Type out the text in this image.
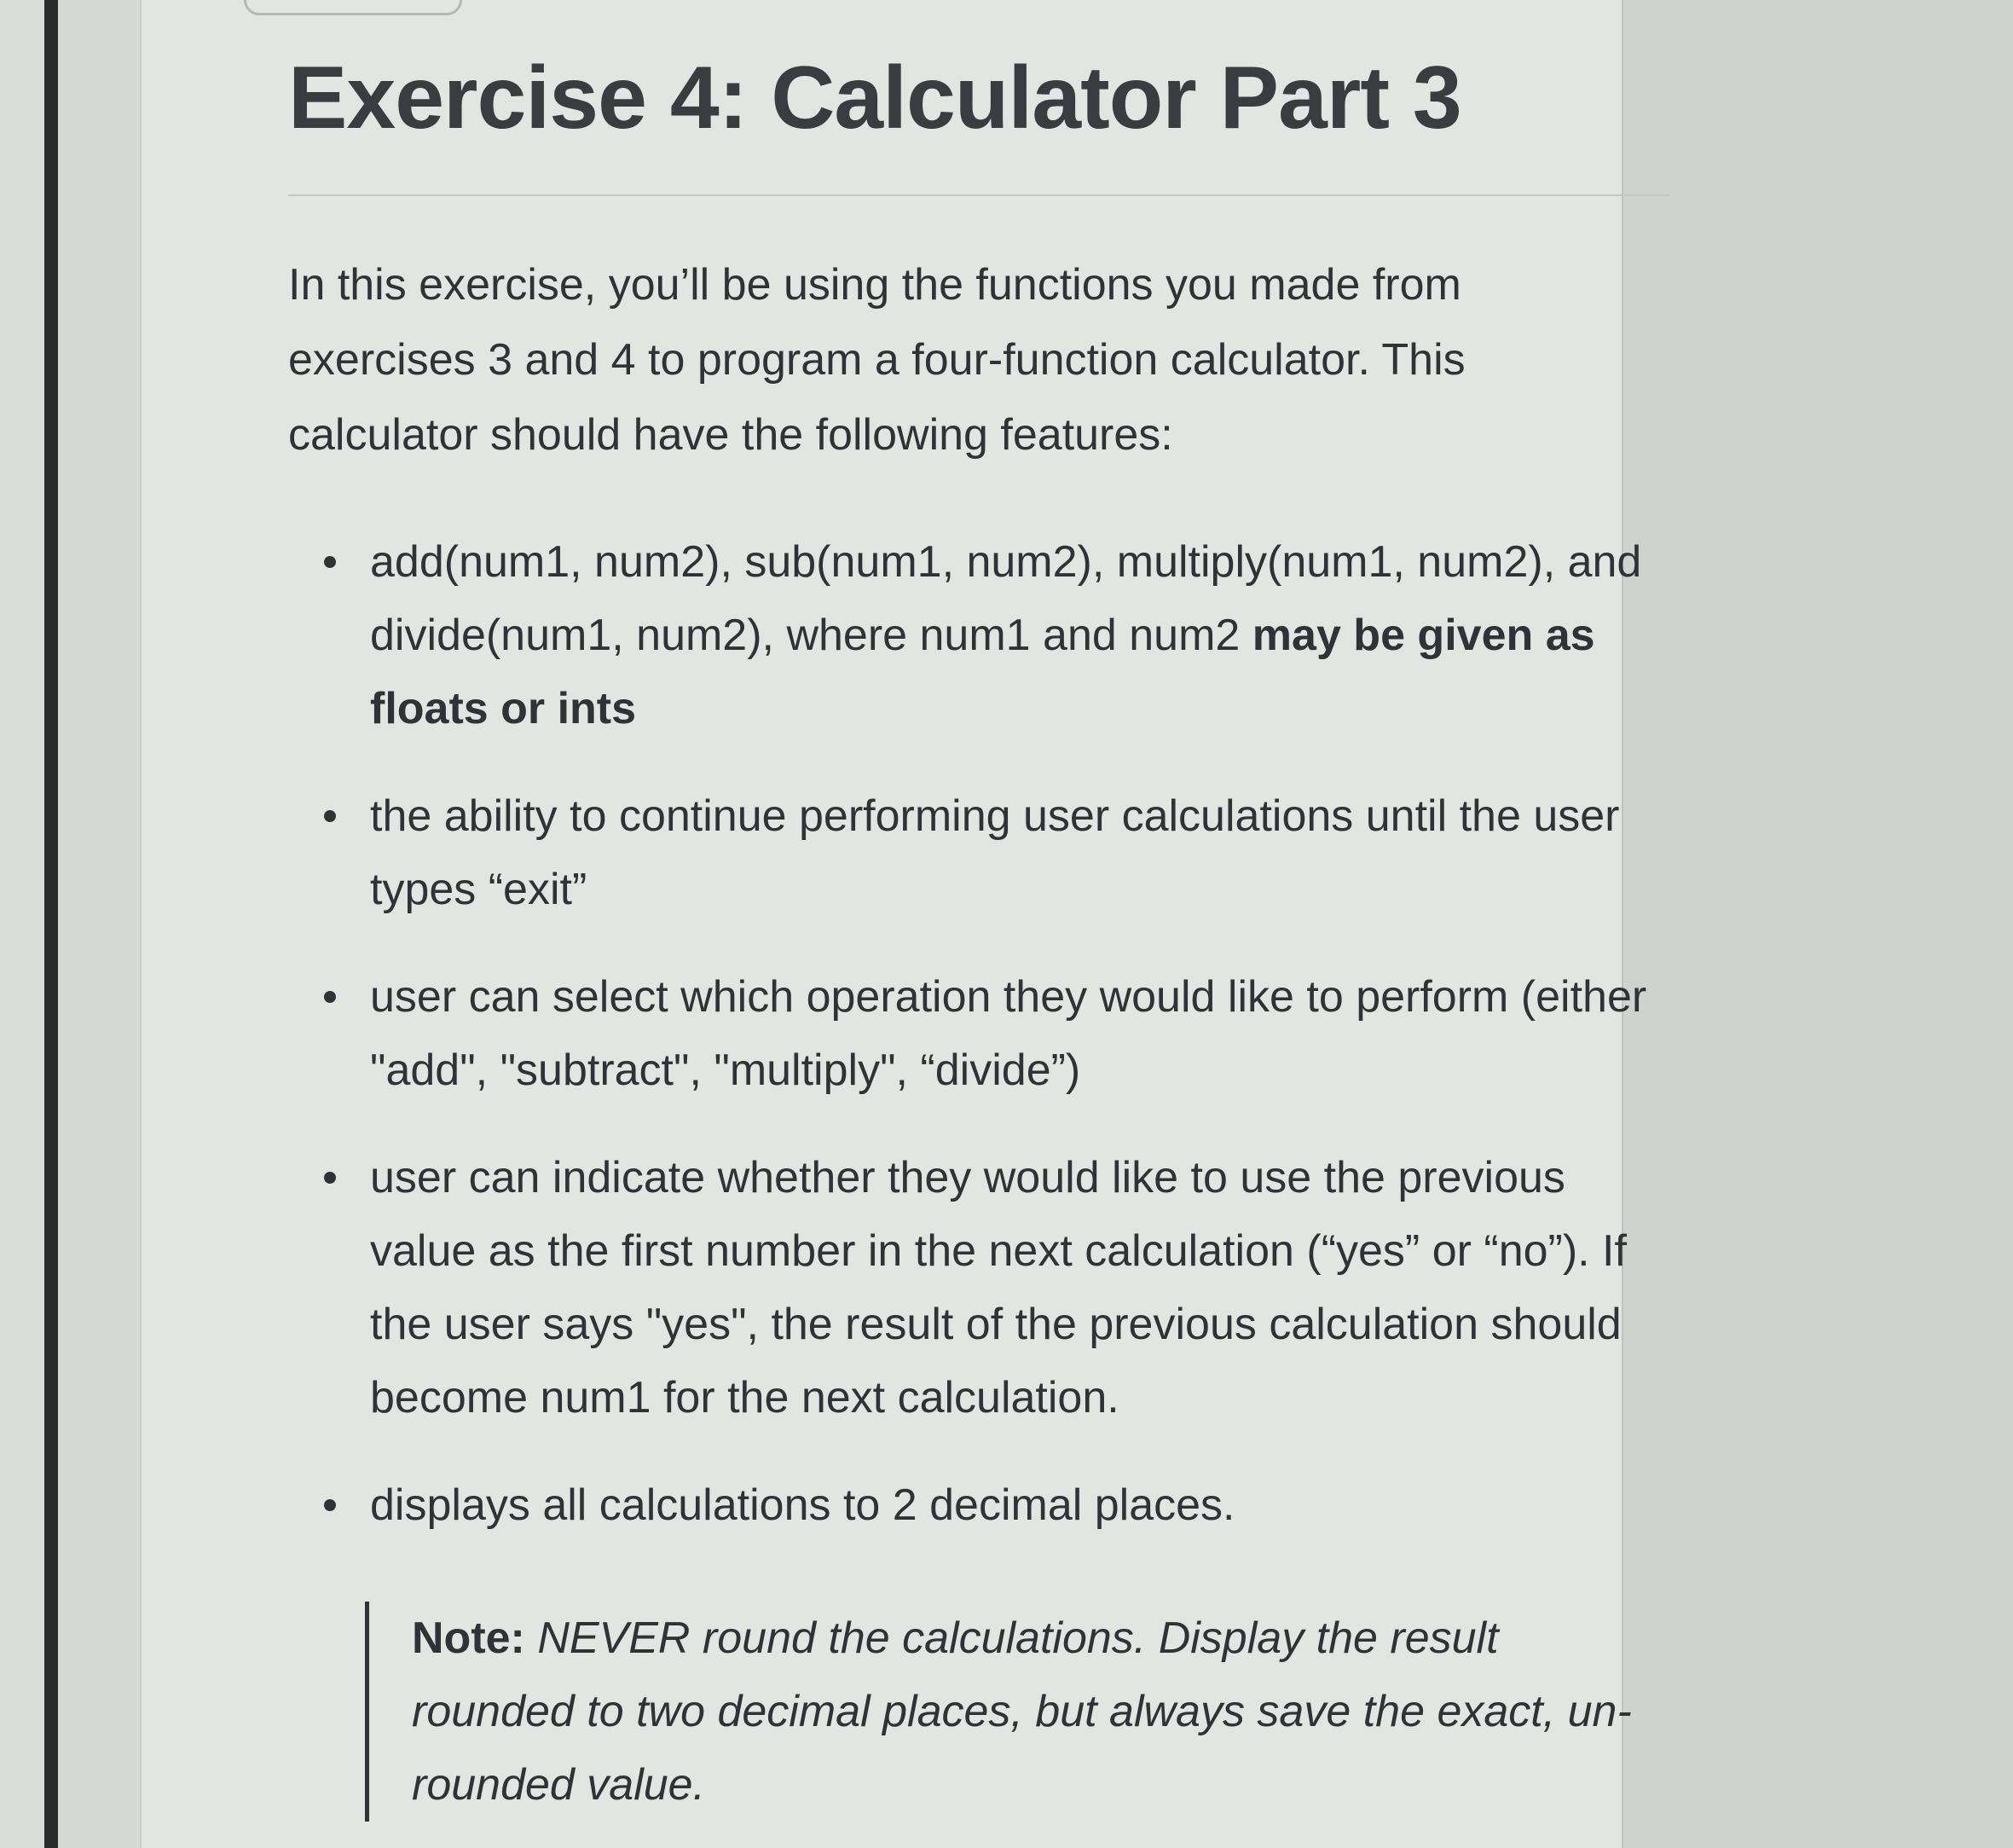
Exercise 4: Calculator Part 3

In this exercise, you’ll be using the functions you made from exercises 3 and 4 to program a four-function calculator. This calculator should have the following features:

add(num1, num2), sub(num1, num2), multiply(num1, num2), and divide(num1, num2), where num1 and num2 may be given as floats or ints
the ability to continue performing user calculations until the user types “exit”
user can select which operation they would like to perform (either "add", "subtract", "multiply", “divide”)
user can indicate whether they would like to use the previous value as the first number in the next calculation (“yes” or “no”). If the user says "yes", the result of the previous calculation should become num1 for the next calculation.
displays all calculations to 2 decimal places.
Note: NEVER round the calculations. Display the result rounded to two decimal places, but always save the exact, un-rounded value.
